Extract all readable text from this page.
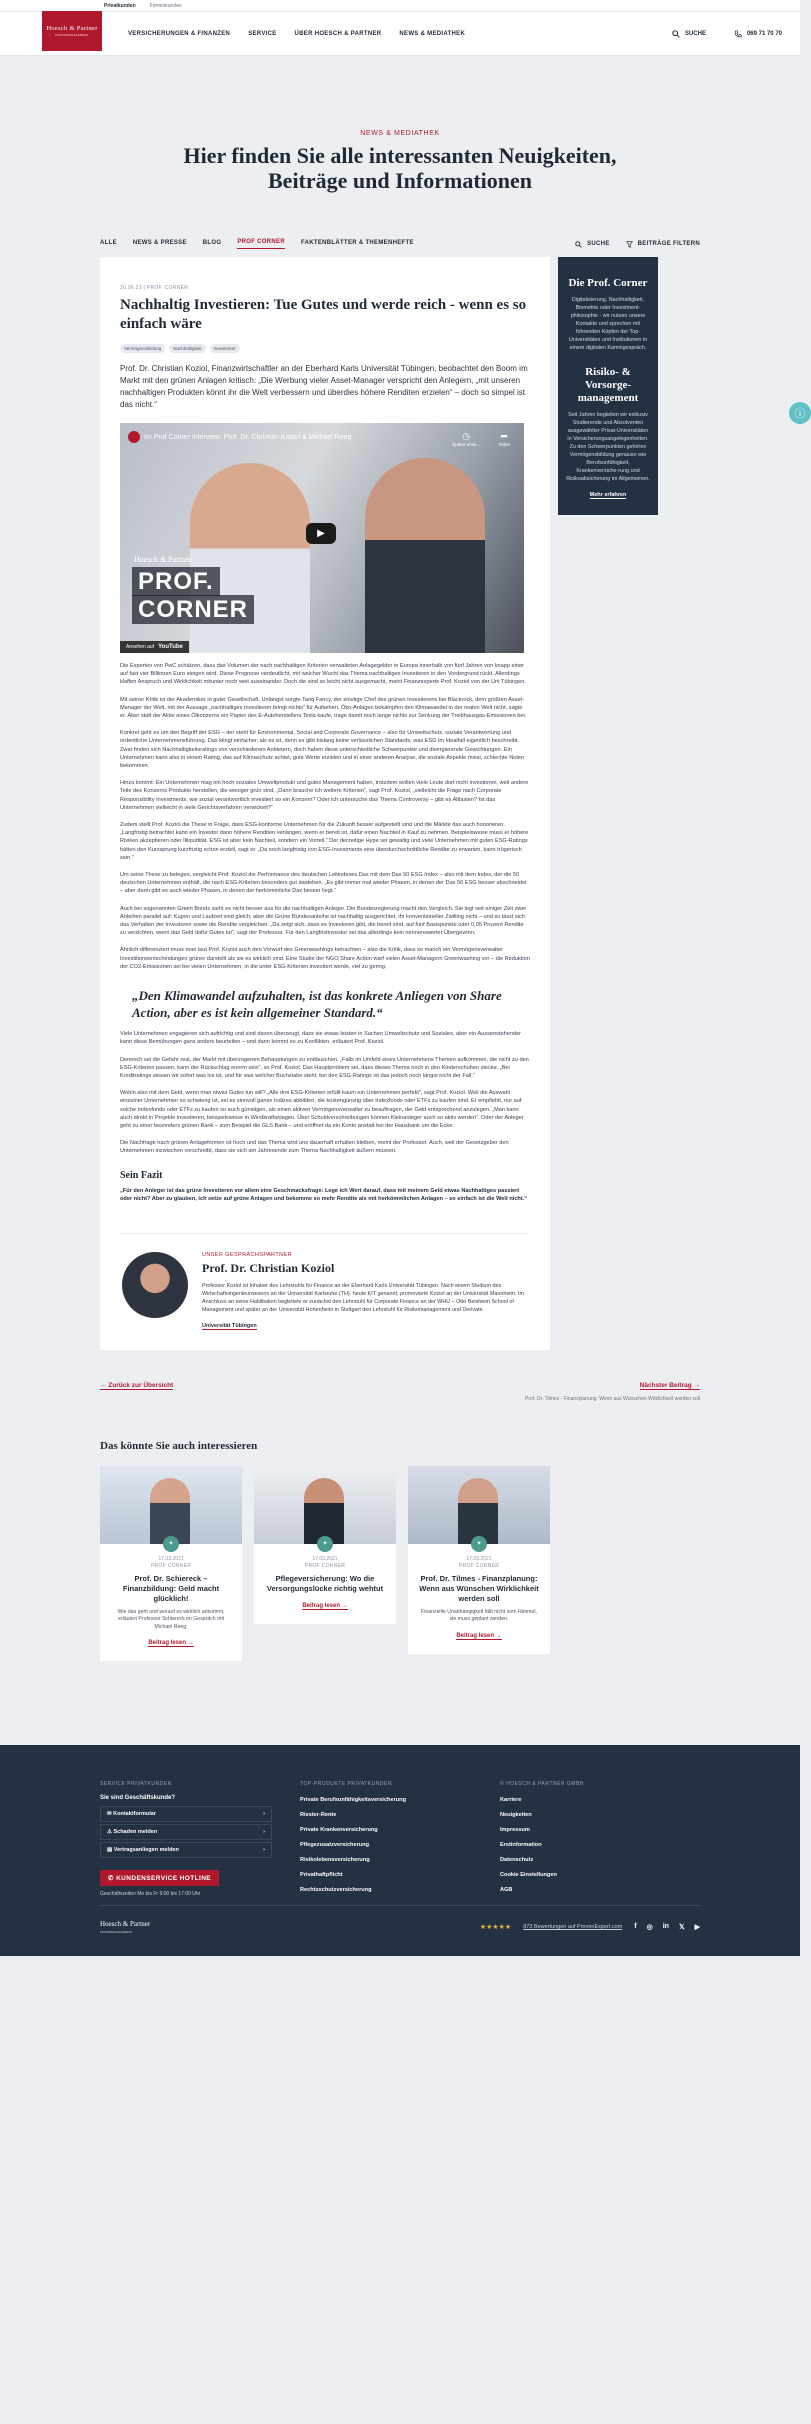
Privatkunden	Firmenkunden
Hoesch & Partner
FINANZMANAGEMENT	VERSICHERUNGEN & FINANZEN	SERVICE	ÜBER HOESCH & PARTNER	NEWS & MEDIATHEK	SUCHE	069 71 70 70
NEWS & MEDIATHEK
Hier finden Sie alle interessanten Neuigkeiten,
Beiträge und Informationen
ALLE	NEWS & PRESSE	BLOG	PROF CORNER	FAKTENBLÄTTER & THEMENHEFTE	SUCHE	BEITRÄGE FILTERN
20.06.21 | PROF. CORNER
Nachhaltig Investieren: Tue Gutes und werde reich - wenn es so einfach wäre
Vermögensbildung	Nachhaltigkeit	Investment

Prof. Dr. Christian Koziol, Finanzwirtschaftler an der Eberhard Karls Universität Tübingen, beobachtet den Boom im Markt mit den grünen Anlagen kritisch: „Die Werbung vieler Asset-Manager verspricht den Anlegern, „mit unseren nachhaltigen Produkten könnt ihr die Welt verbessern und überdies höhere Renditen erzielen“ – doch so simpel ist das nicht.“

Im Prof Corner Interview: Prof. Dr. Christian Koziol & Michael Reeg	◷
Später anse...
➦
Teilen
▶
Hoesch & Partner
PROF.
CORNER
Ansehen auf YouTube

Die Experten von PwC schätzen, dass das Volumen der nach nachhaltigen Kriterien verwalteten Anlagegelder in Europa innerhalb von fünf Jahren von knapp einer auf fast vier Billionen Euro steigen wird. Diese Prognose verdeutlicht, mit welcher Wucht das Thema nachhaltiges Investieren in den Vordergrund rückt. Allerdings klaffen Anspruch und Wirklichkeit mitunter noch weit auseinander. Doch die sind so leicht nicht ausgemacht, meint Finanzexperte Prof. Koziol von der Uni Tübingen.

Mit seiner Kritik ist der Akademiker in guter Gesellschaft. Unlängst sorgte Tariq Fancy, der einstige Chef des grünen Investierens bei Blackrock, dem größten Asset-Manager der Welt, mit der Aussage „nachhaltiges Investieren bringt nichts“ für Aufsehen. Öko-Anlagen bekämpfen den Klimawandel in der realen Welt nicht, sagte er. Aber statt der Aktie eines Ölkonzerns ein Papier des E-Autoherstellers Tesla kaufe, trage damit noch lange nichts zur Senkung der Treibhausgas-Emissionen bei.

Konkret geht es um den Begriff der ESG – der steht für Environmental, Social and Corporate Governance – also für Umweltschutz, soziale Verantwortung und ordentliche Unternehmensführung. Das klingt einfacher, als es ist, denn es gibt bislang keine verlässlichen Standards, was ESG im Idealfall eigentlich beschreibt. Zwar finden sich Nachhaltigkeitsratings von verschiedenen Anbietern, doch haben diese unterschiedliche Schwerpunkte und divergierende Gewichtungen. Ein Unternehmen kann also in einem Rating, das auf Klimaschutz achtet, gute Werte erzielen und in einer anderen Analyse, die soziale Aspekte misst, schlechte Noten bekommen.

Hinzu kommt: Ein Unternehmen mag ein hoch soziales Umweltprodukt und gutes Management haben, trotzdem wollen viele Leute dort nicht investieren, weil andere Teile des Konzerns Produkte herstellen, die weniger grün sind. „Dann brauche ich weitere Kriterien“, sagt Prof. Koziol, „vielleicht die Frage nach Corporate Responsibility Investments, wie sozial verantwortlich investiert so ein Konzern? Oder ich untersuche das Thema Controversy – gibt es Altlasten? Ist das Unternehmen vielleicht in viele Gerichtsverfahren verwickelt?“

Zudem stellt Prof. Koziol die These in Frage, dass ESG-konforme Unternehmen für die Zukunft besser aufgestellt sind und die Märkte das auch honorieren. „Langfristig betrachtet kann ein Investor dann höhere Renditen verlangen, wenn er bereit ist, dafür einen Nachteil in Kauf zu nehmen. Beispielsweise muss er höhere Risiken akzeptieren oder Illiquidität. ESG ist aber kein Nachteil, sondern ein Vorteil.“ Der derzeitige Hype sei gewaltig und viele Unternehmen mit guten ESG-Ratings hätten den Kurssprung kurzfristig schon erzielt, sagt er. „Da noch langfristig von ESG-Investments eine überdurchschnittliche Rendite zu erwarten, kann trügerisch sein.“

Um seine These zu belegen, vergleicht Prof. Koziol die Performance des deutschen Leitindexes Dax mit dem Dax 50 ESG Index – also mit dem Index, der die 50 deutschen Unternehmen enthält, die nach ESG-Kriterien besonders gut dastehen. „Es gibt immer mal wieder Phasen, in denen der Dax 50 ESG besser abschneidet – aber dann gibt es auch wieder Phasen, in denen der herkömmliche Dax besser liegt.“

Auch bei sogenannten Green Bonds sieht es nicht besser aus für die nachhaltigen Anleger. Die Bundesregierung macht den Vergleich. Sie legt seit einiger Zeit zwei Anleihen parallel auf: Kupon und Laufzeit sind gleich, aber die Grüne Bundesanleihe ist nachhaltig ausgerichtet, ihr konventioneller Zwilling nicht – und so lässt sich das Verhalten der Investoren sowie die Rendite vergleichen. „Da zeigt sich, dass es Investoren gibt, die bereit sind, auf fünf Basispunkte oder 0,05 Prozent Rendite zu verzichten, wenn das Geld dafür Gutes tut“, sagt der Professor. Für den Langfristinvestor sei das allerdings kein nennenswerter Übergewinn.

Ähnlich differenziert muss man laut Prof. Koziol auch den Vorwurf des Greenwashings betrachten – also die Kritik, dass so manch ein Vermögensverwalter Investitionsentscheidungen grüner darstellt als sie es wirklich sind. Eine Studie der NGO Share Action warf vielen Asset-Managern Greenwashing vor – die Reduktion der CO2-Emissionen sei bei vielen Unternehmen, in die unter ESG-Kriterien investiert werde, viel zu gering.

„Den Klimawandel aufzuhalten, ist das konkrete Anliegen von Share Action, aber es ist kein allgemeiner Standard.“

Viele Unternehmen engagieren sich aufrichtig und sind davon überzeugt, dass sie etwas leisten in Sachen Umweltschutz und Soziales, aber ein Aussenstehender kann diese Bemühungen ganz anders beurteilen – und dann kommt es zu Konflikten, erläutert Prof. Koziol.

Dennoch sei die Gefahr real, der Markt mit überzogenen Behauptungen zu enttäuschen. „Falls im Umfeld eines Unternehmens Themen aufkommen, die nicht zu den ESG-Kriterien passen, kann der Rückschlag enorm sein“, so Prof. Koziol. Das Hauptproblem sei, dass dieses Thema noch in den Kinderschuhen stecke. „Bei Kreditratings wissen wir sofort was los ist, und für was welcher Buchstabe steht, bei den ESG-Ratings ist das jedoch noch längst nicht der Fall.“

Wohin also mit dem Geld, wenn man etwas Gutes tun will? „Alle drei ESG-Kriterien erfüllt kaum ein Unternehmen perfekt“, sagt Prof. Koziol. Weil die Auswahl einzelner Unternehmen so schwierig ist, sei es sinnvoll ganze Indizes abbilden, die kostengünstig über Indexfonds oder ETFs zu kaufen sind. Er empfiehlt, nur auf solche Indexfonds oder ETFs zu kaufen so auch günstigen, als einen aktiven Vermögensverwalter zu beauftragen, der Geld entsprechend anzulegen. „Man kann auch direkt in Projekte investieren, beispielsweise in Windkraftanlagen. Über Schuldverschreibungen können Kleinanleger auch so aktiv werden“. Oder der Anleger geht zu einer besonders grünen Bank – zum Beispiel die GLS Bank – und eröffnet da ein Konto anstatt bei der Hausbank um die Ecke.

Die Nachfrage nach grünen Anlageformen ist hoch und das Thema wird uns dauerhaft erhalten bleiben, meint der Professor. Auch, weil der Gesetzgeber den Unternehmen inzwischen vorschreibt, dass sie sich am Jahresende zum Thema Nachhaltigkeit äußern müssen.

Sein Fazit
„Für den Anleger ist das grüne Investieren vor allem eine Geschmacksfrage: Lege ich Wert darauf, dass mit meinem Geld etwas Nachhaltiges passiert oder nicht? Aber zu glauben, ich setze auf grüne Anlagen und bekomme so mehr Rendite als mit herkömmlichen Anlagen – so einfach ist die Welt nicht.“
UNSER GESPRÄCHSPARTNER
Prof. Dr. Christian Koziol

Professor Koziol ist Inhaber des Lehrstuhls für Finance an der Eberhard Karls Universität Tübingen. Nach einem Studium des Wirtschaftsingenieurwesens an der Universität Karlsruhe (TH), heute KIT genannt, promovierte Koziol an der Universität Mannheim. Im Anschluss an seine Habilitation begleitete er zunächst den Lehrstuhl für Corporate Finance an der WHU – Otto Beisheim School of Management und später an der Universität Hohenheim in Stuttgart den Lehrstuhl für Risikomanagement und Derivate.

Universität Tübingen
Die Prof. Corner

Digitalisierung, Nachhaltigkeit, Biometrie oder Investment-philosophie - wir nutzen unsere Kontakte und sprechen mit führenden Köpfen der Top-Universitäten und Institutionen in einem digitalen Kamingespräch.

Risiko- & Vorsorge-management

Seit Jahren begleiten wir exklusiv Studierende und Absolventen ausgewählter Privat-Universitäten in Versicherungsangelegenheiten. Zu den Schwerpunkten gehören Vermögensbildung genauso wie Berufsunfähigkeit, Krankenversiche-rung und Risikoabsicherung im Allgemeinen.

Mehr erfahren
ⓘ
← Zurück zur Übersicht	Nächster Beitrag →
Prof. Dr. Tilmes - Finanzplanung: Wenn aus Wünschen Wirklichkeit werden soll
Das könnte Sie auch interessieren
✦
17.03.2021
PROF CORNER
Prof. Dr. Schiereck – Finanzbildung: Geld macht glücklich!

Wie das geht und worauf es wirklich ankommt, erläutert Professor Schiereck im Gespräch mit Michael Reeg.

Beitrag lesen →
✦
17.03.2021
PROF CORNER
Pflegeversicherung: Wo die Versorgungslücke richtig wehtut
Beitrag lesen →
✦
17.03.2021
PROF CORNER
Prof. Dr. Tilmes - Finanzplanung: Wenn aus Wünschen Wirklichkeit werden soll

Finanzielle Unabhängigkeit fällt nicht vom Himmel, sie muss geplant werden.

Beitrag lesen →
SERVICE PRIVATKUNDEN
Sie sind Geschäftskunde?
✉ Kontaktformular	›
⚠ Schaden melden	›
▤ Vertragsanliegen melden	›
✆ KUNDENSERVICE HOTLINE
Geschäftszeiten Mo bis Fr 9:00 bis 17:00 Uhr
TOP-PRODUKTE PRIVATKUNDEN
Private Berufsunfähigkeitsversicherung
Riester-Rente
Private Krankenversicherung
Pflegezusatzversicherung
Risikolebensversicherung
Privathaftpflicht
Rechtsschutzversicherung
© HOESCH & PARTNER GMBH
Karriere
Neuigkeiten
Impressum
Erstinformation
Datenschutz
Cookie Einstellungen
AGB
Hoesch & Partner
FINANZMANAGEMENT
★★★★★ 873 Bewertungen auf ProvenExpert.com f ◎ in 𝕏 ▶
